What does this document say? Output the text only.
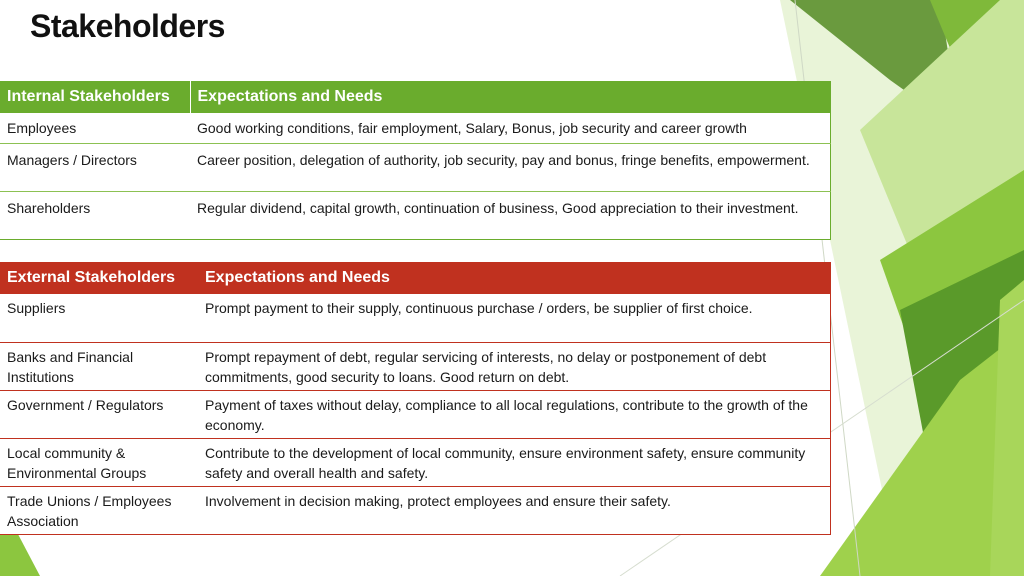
Stakeholders
Internal Stakeholders	Expectations and Needs
Employees	Good working conditions, fair employment, Salary, Bonus, job security and career growth
Managers / Directors	Career position, delegation of authority, job security, pay and bonus, fringe benefits, empowerment.
Shareholders	Regular dividend, capital growth, continuation of business, Good appreciation to their investment.
External Stakeholders	Expectations and Needs
Suppliers	Prompt payment to their supply, continuous purchase / orders, be supplier of first choice.
Banks and Financial Institutions	Prompt repayment of debt, regular servicing of interests, no delay or postponement of debt commitments, good security to loans. Good return on debt.
Government / Regulators	Payment of taxes without delay, compliance to all local regulations, contribute to the growth of the economy.
Local community & Environmental Groups	Contribute to the development of local community, ensure environment safety, ensure community safety and overall health and safety.
Trade Unions / Employees Association	Involvement in decision making, protect employees and ensure their safety.
